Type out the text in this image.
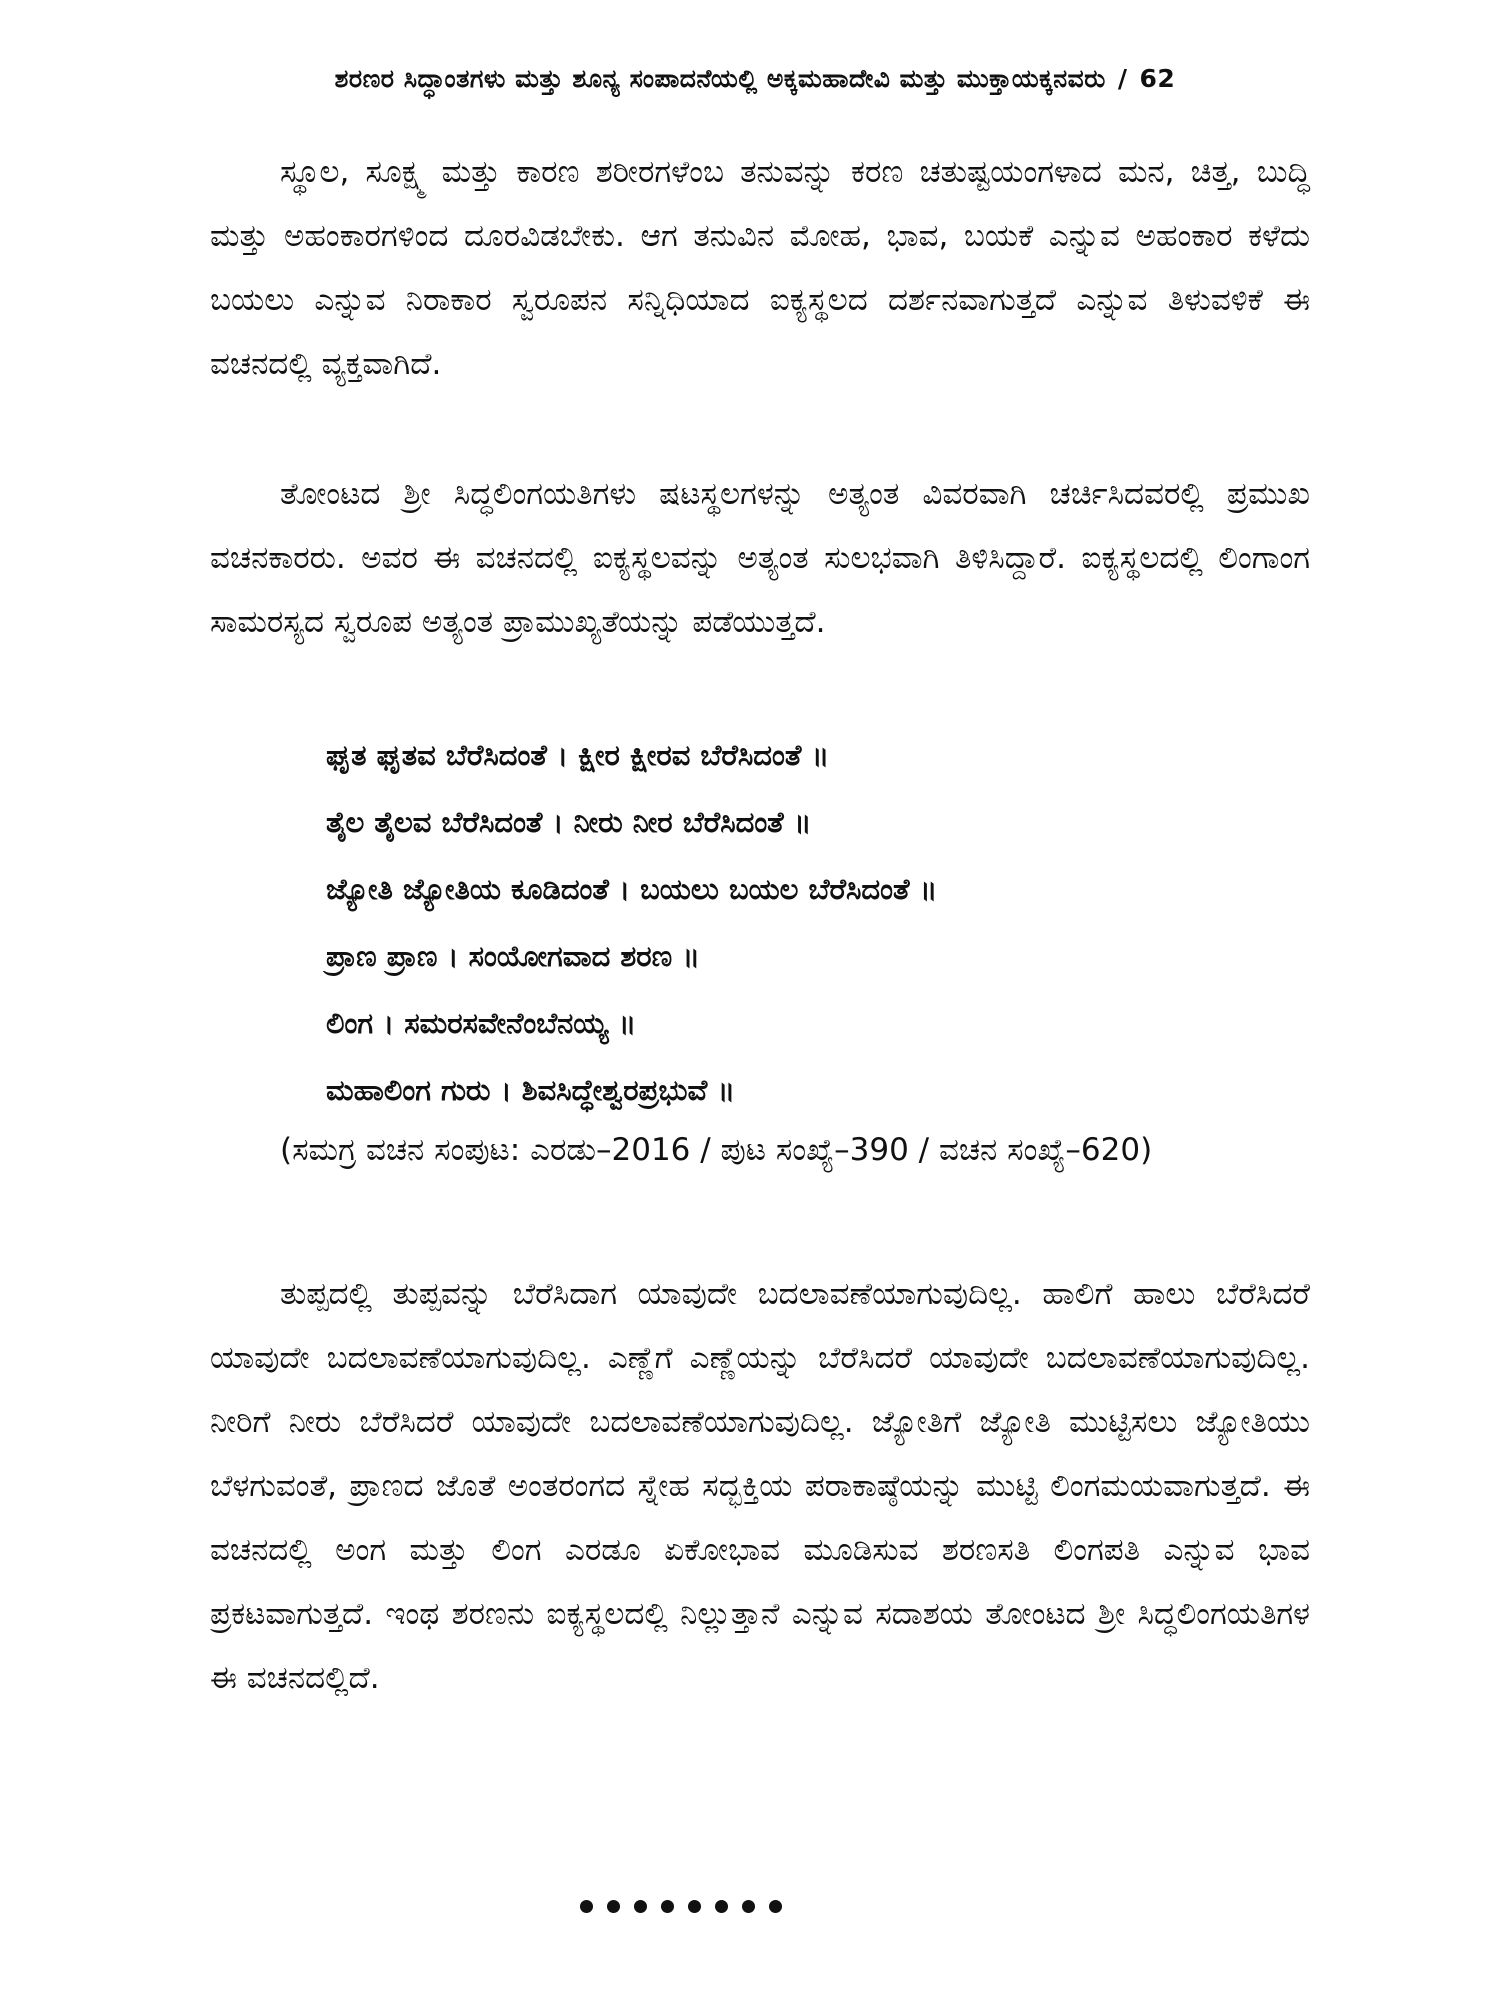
ಶರಣರ ಸಿದ್ಧಾಂತಗಳು ಮತ್ತು ಶೂನ್ಯ ಸಂಪಾದನೆಯಲ್ಲಿ ಅಕ್ಕಮಹಾದೇವಿ ಮತ್ತು ಮುಕ್ತಾಯಕ್ಕನವರು / 62
ಸ್ಥೂಲ, ಸೂಕ್ಷ್ಮ ಮತ್ತು ಕಾರಣ ಶರೀರಗಳೆಂಬ ತನುವನ್ನು ಕರಣ ಚತುಷ್ಟಯಂಗಳಾದ ಮನ, ಚಿತ್ತ, ಬುದ್ಧಿ ಮತ್ತು ಅಹಂಕಾರಗಳಿಂದ ದೂರವಿಡಬೇಕು. ಆಗ ತನುವಿನ ಮೋಹ, ಭಾವ, ಬಯಕೆ ಎನ್ನುವ ಅಹಂಕಾರ ಕಳೆದು ಬಯಲು ಎನ್ನುವ ನಿರಾಕಾರ ಸ್ವರೂಪನ ಸನ್ನಿಧಿಯಾದ ಐಕ್ಯಸ್ಥಲದ ದರ್ಶನವಾಗುತ್ತದೆ ಎನ್ನುವ ತಿಳುವಳಿಕೆ ಈ ವಚನದಲ್ಲಿ ವ್ಯಕ್ತವಾಗಿದೆ.
ತೋಂಟದ ಶ್ರೀ ಸಿದ್ಧಲಿಂಗಯತಿಗಳು ಷಟಸ್ಥಲಗಳನ್ನು ಅತ್ಯಂತ ವಿವರವಾಗಿ ಚರ್ಚಿಸಿದವರಲ್ಲಿ ಪ್ರಮುಖ ವಚನಕಾರರು. ಅವರ ಈ ವಚನದಲ್ಲಿ ಐಕ್ಯಸ್ಥಲವನ್ನು ಅತ್ಯಂತ ಸುಲಭವಾಗಿ ತಿಳಿಸಿದ್ದಾರೆ. ಐಕ್ಯಸ್ಥಲದಲ್ಲಿ ಲಿಂಗಾಂಗ ಸಾಮರಸ್ಯದ ಸ್ವರೂಪ ಅತ್ಯಂತ ಪ್ರಾಮುಖ್ಯತೆಯನ್ನು ಪಡೆಯುತ್ತದೆ.
ಘೃತ ಘೃತವ ಬೆರೆಸಿದಂತೆ । ಕ್ಷೀರ ಕ್ಷೀರವ ಬೆರೆಸಿದಂತೆ ॥
ತೈಲ ತೈಲವ ಬೆರೆಸಿದಂತೆ । ನೀರು ನೀರ ಬೆರೆಸಿದಂತೆ ॥
ಜ್ಯೋತಿ ಜ್ಯೋತಿಯ ಕೂಡಿದಂತೆ । ಬಯಲು ಬಯಲ ಬೆರೆಸಿದಂತೆ ॥
ಪ್ರಾಣ ಪ್ರಾಣ । ಸಂಯೋಗವಾದ ಶರಣ ॥
ಲಿಂಗ । ಸಮರಸವೇನೆಂಬೆನಯ್ಯ ॥
ಮಹಾಲಿಂಗ ಗುರು । ಶಿವಸಿದ್ಧೇಶ್ವರಪ್ರಭುವೆ ॥
(ಸಮಗ್ರ ವಚನ ಸಂಪುಟ: ಎರಡು–2016 / ಪುಟ ಸಂಖ್ಯೆ–390 / ವಚನ ಸಂಖ್ಯೆ–620)
ತುಪ್ಪದಲ್ಲಿ ತುಪ್ಪವನ್ನು ಬೆರೆಸಿದಾಗ ಯಾವುದೇ ಬದಲಾವಣೆಯಾಗುವುದಿಲ್ಲ. ಹಾಲಿಗೆ ಹಾಲು ಬೆರೆಸಿದರೆ ಯಾವುದೇ ಬದಲಾವಣೆಯಾಗುವುದಿಲ್ಲ. ಎಣ್ಣೆಗೆ ಎಣ್ಣೆಯನ್ನು ಬೆರೆಸಿದರೆ ಯಾವುದೇ ಬದಲಾವಣೆಯಾಗುವುದಿಲ್ಲ. ನೀರಿಗೆ ನೀರು ಬೆರೆಸಿದರೆ ಯಾವುದೇ ಬದಲಾವಣೆಯಾಗುವುದಿಲ್ಲ. ಜ್ಯೋತಿಗೆ ಜ್ಯೋತಿ ಮುಟ್ಟಿಸಲು ಜ್ಯೋತಿಯು ಬೆಳಗುವಂತೆ, ಪ್ರಾಣದ ಜೊತೆ ಅಂತರಂಗದ ಸ್ನೇಹ ಸದ್ಭಕ್ತಿಯ ಪರಾಕಾಷ್ಠೆಯನ್ನು ಮುಟ್ಟಿ ಲಿಂಗಮಯವಾಗುತ್ತದೆ. ಈ ವಚನದಲ್ಲಿ ಅಂಗ ಮತ್ತು ಲಿಂಗ ಎರಡೂ ಏಕೋಭಾವ ಮೂಡಿಸುವ ಶರಣಸತಿ ಲಿಂಗಪತಿ ಎನ್ನುವ ಭಾವ ಪ್ರಕಟವಾಗುತ್ತದೆ. ಇಂಥ ಶರಣನು ಐಕ್ಯಸ್ಥಲದಲ್ಲಿ ನಿಲ್ಲುತ್ತಾನೆ ಎನ್ನುವ ಸದಾಶಯ ತೋಂಟದ ಶ್ರೀ ಸಿದ್ಧಲಿಂಗಯತಿಗಳ ಈ ವಚನದಲ್ಲಿದೆ.
